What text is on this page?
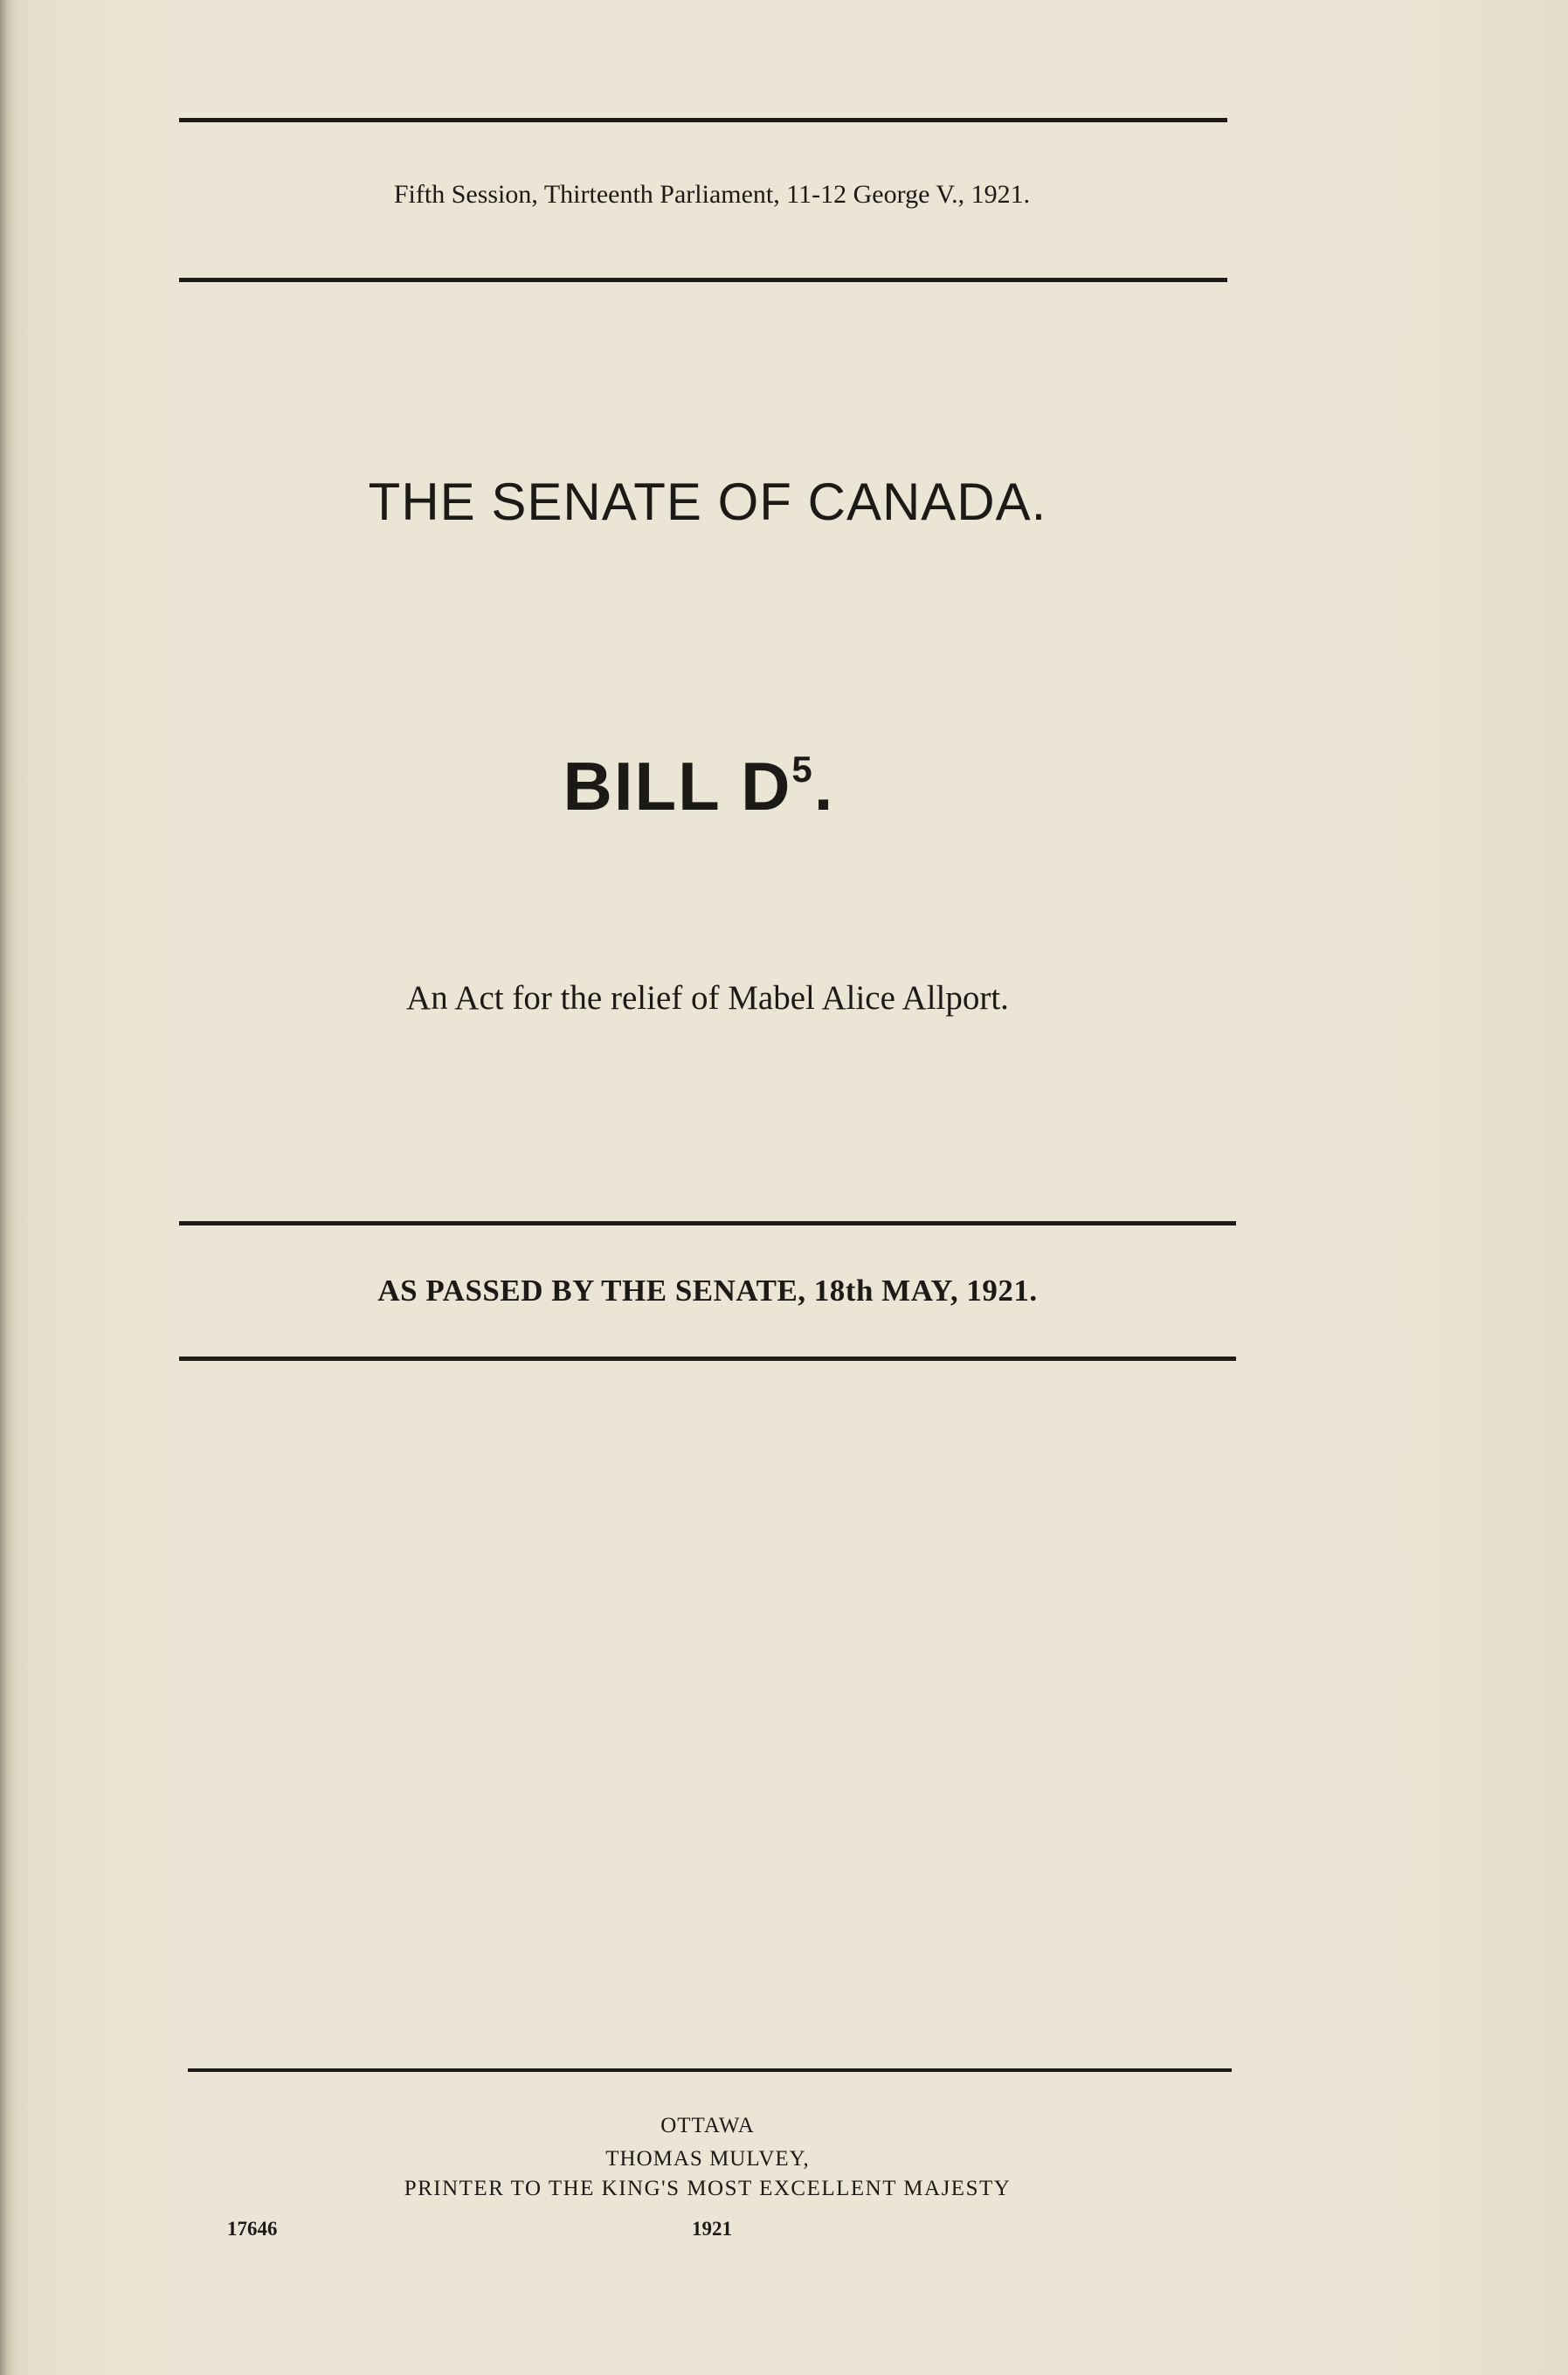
Fifth Session, Thirteenth Parliament, 11-12 George V., 1921.
THE SENATE OF CANADA.
BILL $D^5$.
An Act for the relief of Mabel Alice Allport.
AS PASSED BY THE SENATE, 18th MAY, 1921.
OTTAWA
THOMAS MULVEY,
PRINTER TO THE KING'S MOST EXCELLENT MAJESTY
17646	1921
